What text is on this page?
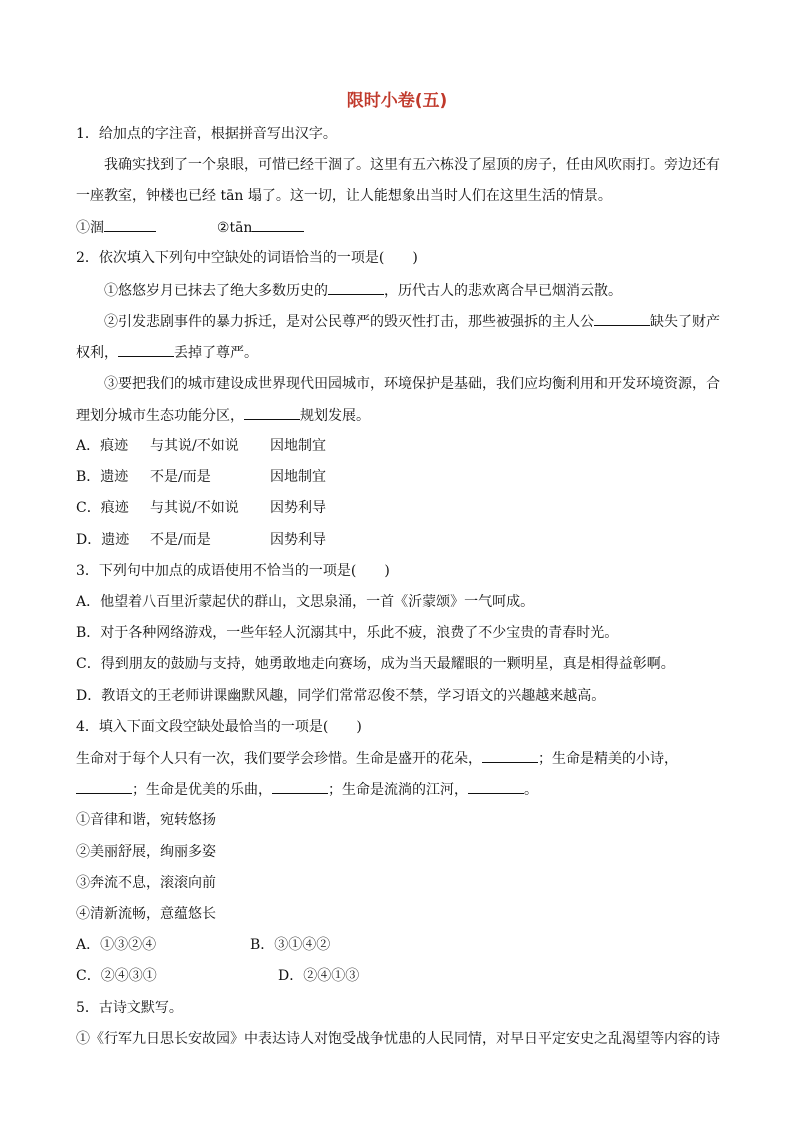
限时小卷(五)
1．给加点的字注音，根据拼音写出汉字。
我确实找到了一个泉眼，可惜已经干涸了。这里有五六栋没了屋顶的房子，任由风吹雨打。旁边还有
一座教室，钟楼也已经 tān 塌了。这一切，让人能想象出当时人们在这里生活的情景。
①涸	②tān
2．依次填入下列句中空缺处的词语恰当的一项是(　　)
①悠悠岁月已抹去了绝大多数历史的	，历代古人的悲欢离合早已烟消云散。
②引发悲剧事件的暴力拆迁，是对公民尊严的毁灭性打击，那些被强拆的主人公	缺失了财产
权利，	丢掉了尊严。
③要把我们的城市建设成世界现代田园城市，环境保护是基础，我们应均衡利用和开发环境资源，合
理划分城市生态功能分区，	规划发展。
A．痕迹 与其说/不如说 因地制宜
B．遗迹 不是/而是	因地制宜
C．痕迹 与其说/不如说 因势利导
D．遗迹 不是/而是	因势利导
3．下列句中加点的成语使用不恰当的一项是(　　)
A．他望着八百里沂蒙起伏的群山，文思泉涌，一首《沂蒙颂》一气呵成。
B．对于各种网络游戏，一些年轻人沉溺其中，乐此不疲，浪费了不少宝贵的青春时光。
C．得到朋友的鼓励与支持，她勇敢地走向赛场，成为当天最耀眼的一颗明星，真是相得益彰啊。
D．教语文的王老师讲课幽默风趣，同学们常常忍俊不禁，学习语文的兴趣越来越高。
4．填入下面文段空缺处最恰当的一项是(　　)
生命对于每个人只有一次，我们要学会珍惜。生命是盛开的花朵，	；生命是精美的小诗，
；生命是优美的乐曲，	；生命是流淌的江河，	。
①音律和谐，宛转悠扬
②美丽舒展，绚丽多姿
③奔流不息，滚滚向前
④清新流畅，意蕴悠长
A．①③②④	B．③①④②
C．②④③①	D．②④①③
5．古诗文默写。
①《行军九日思长安故园》中表达诗人对饱受战争忧患的人民同情，对早日平定安史之乱渴望等内容的诗
